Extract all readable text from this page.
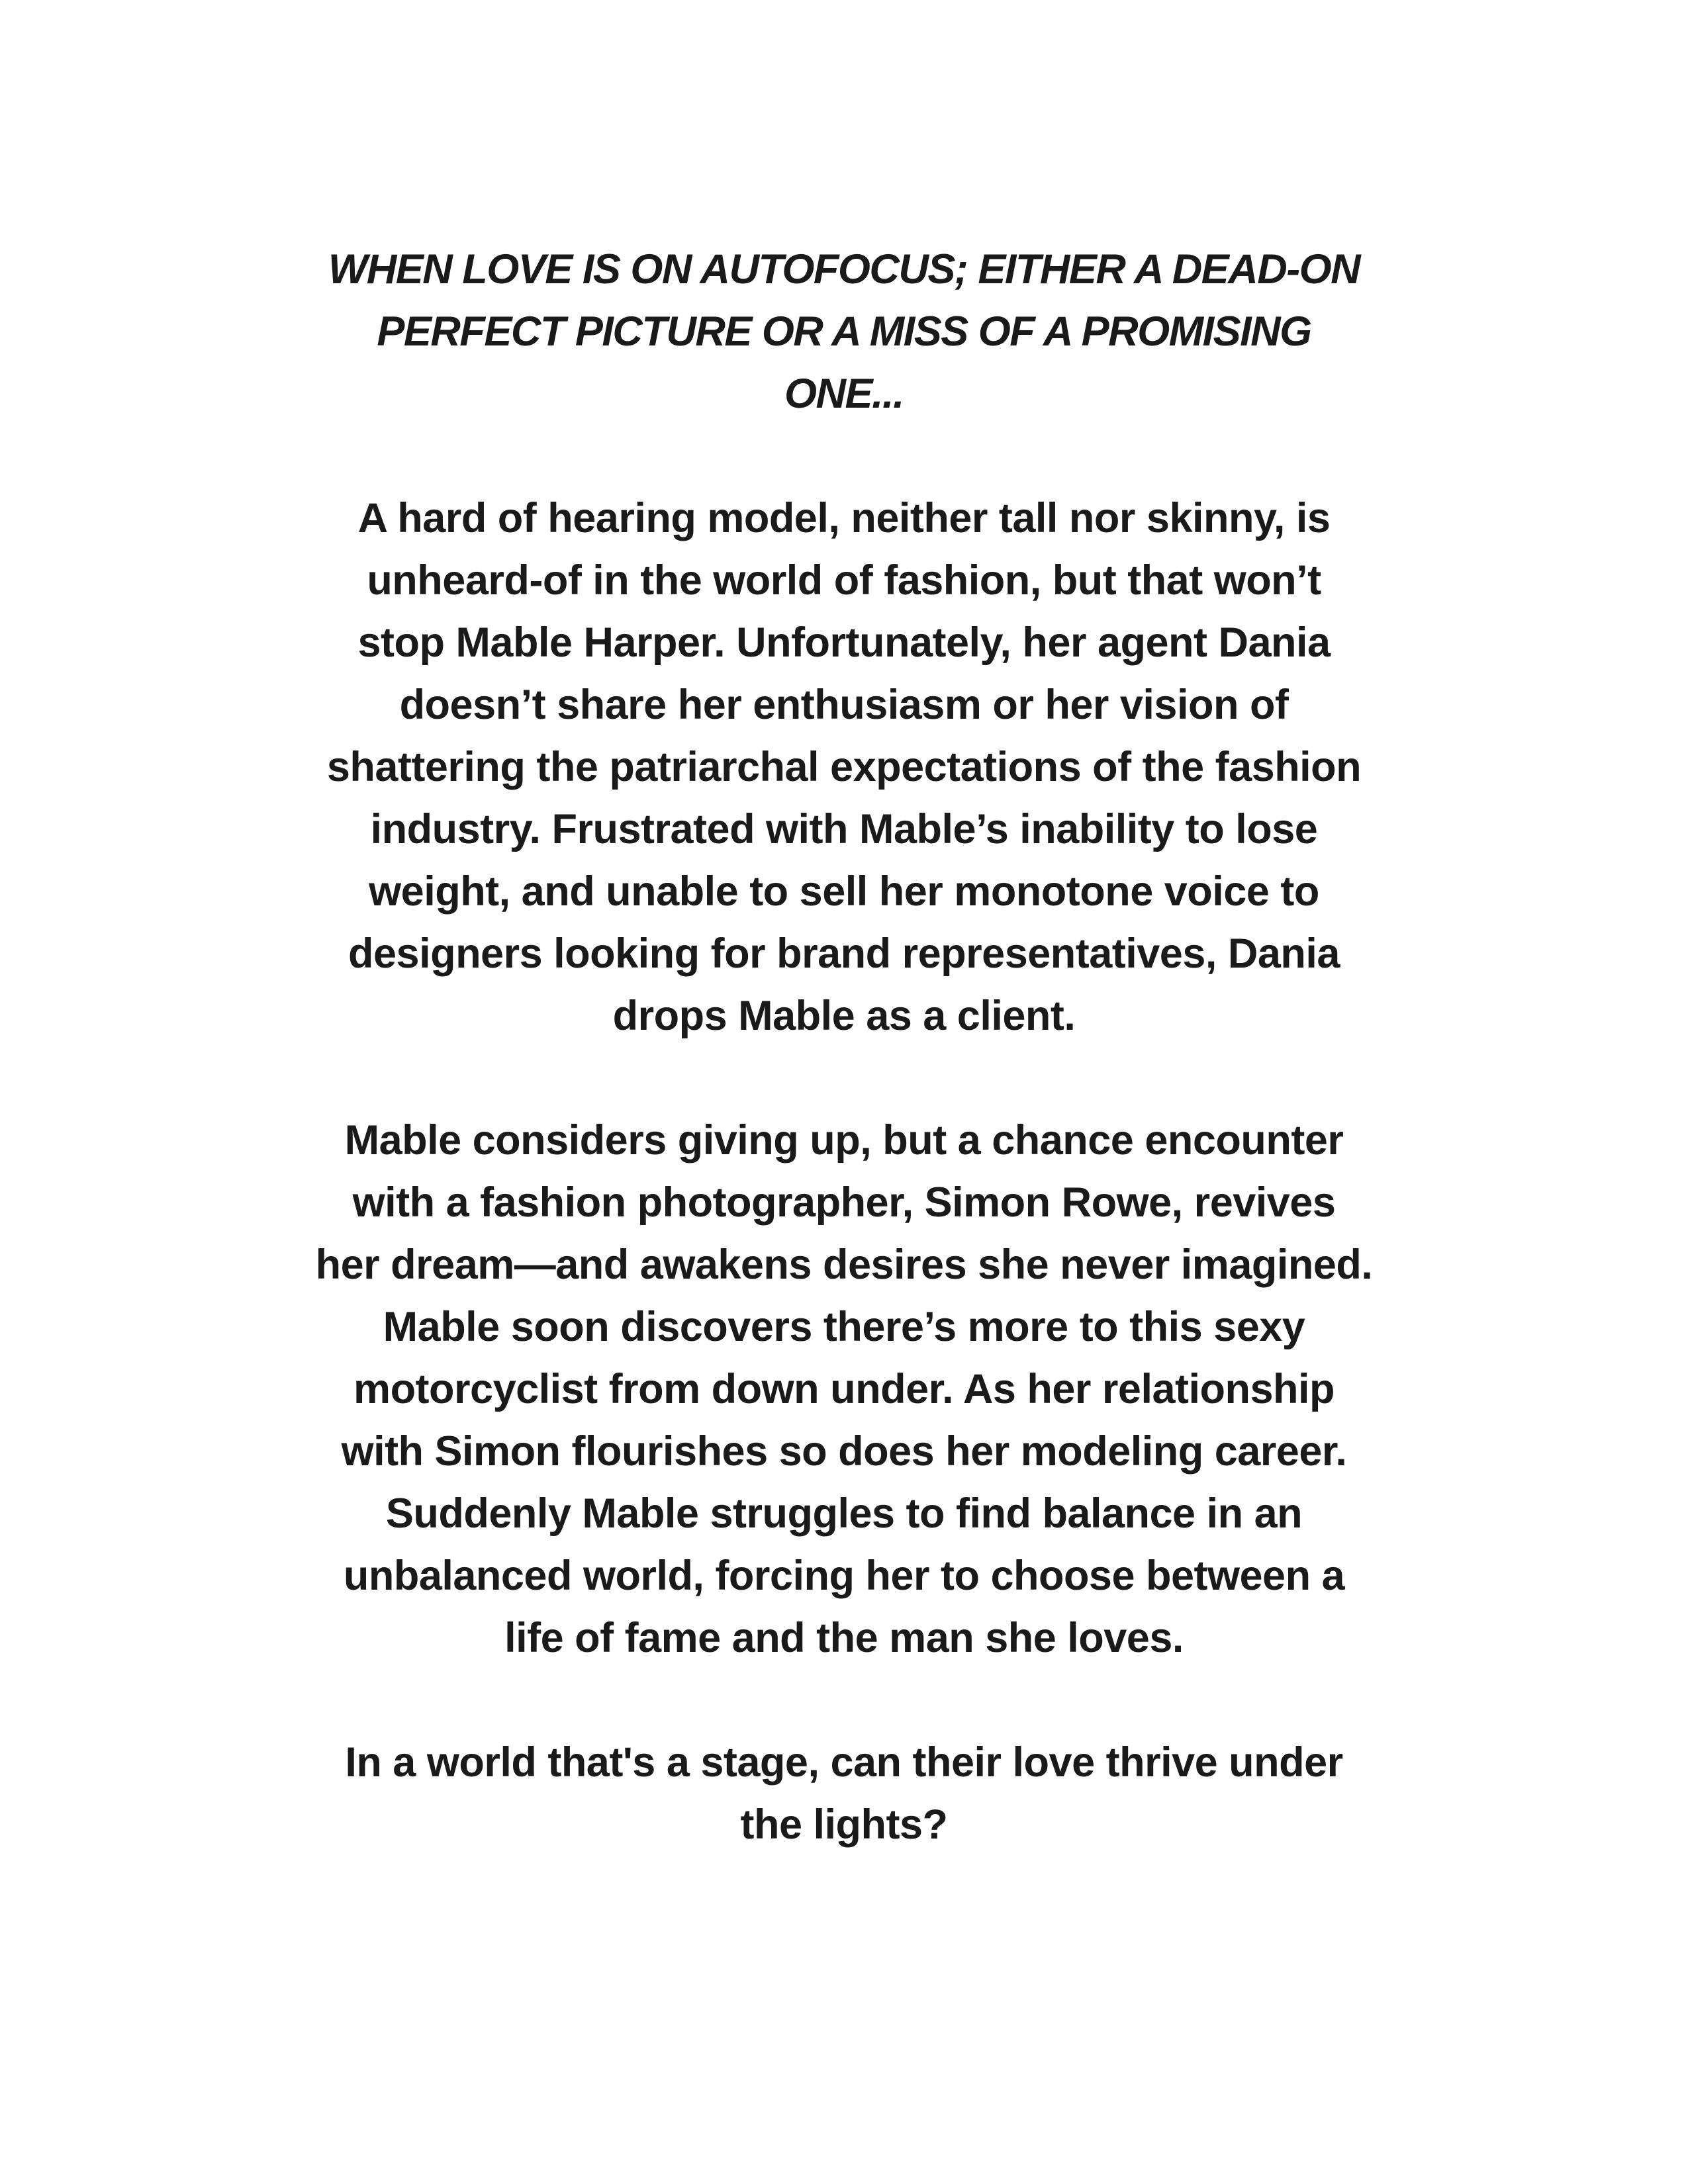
WHEN LOVE IS ON AUTOFOCUS; EITHER A DEAD-ON
PERFECT PICTURE OR A MISS OF A PROMISING
ONE...

A hard of hearing model, neither tall nor skinny, is
unheard-of in the world of fashion, but that won’t
stop Mable Harper. Unfortunately, her agent Dania
doesn’t share her enthusiasm or her vision of
shattering the patriarchal expectations of the fashion
industry. Frustrated with Mable’s inability to lose
weight, and unable to sell her monotone voice to
designers looking for brand representatives, Dania
drops Mable as a client.

Mable considers giving up, but a chance encounter
with a fashion photographer, Simon Rowe, revives
her dream—and awakens desires she never imagined.
Mable soon discovers there’s more to this sexy
motorcyclist from down under. As her relationship
with Simon flourishes so does her modeling career.
Suddenly Mable struggles to find balance in an
unbalanced world, forcing her to choose between a
life of fame and the man she loves.

In a world that's a stage, can their love thrive under
the lights?
